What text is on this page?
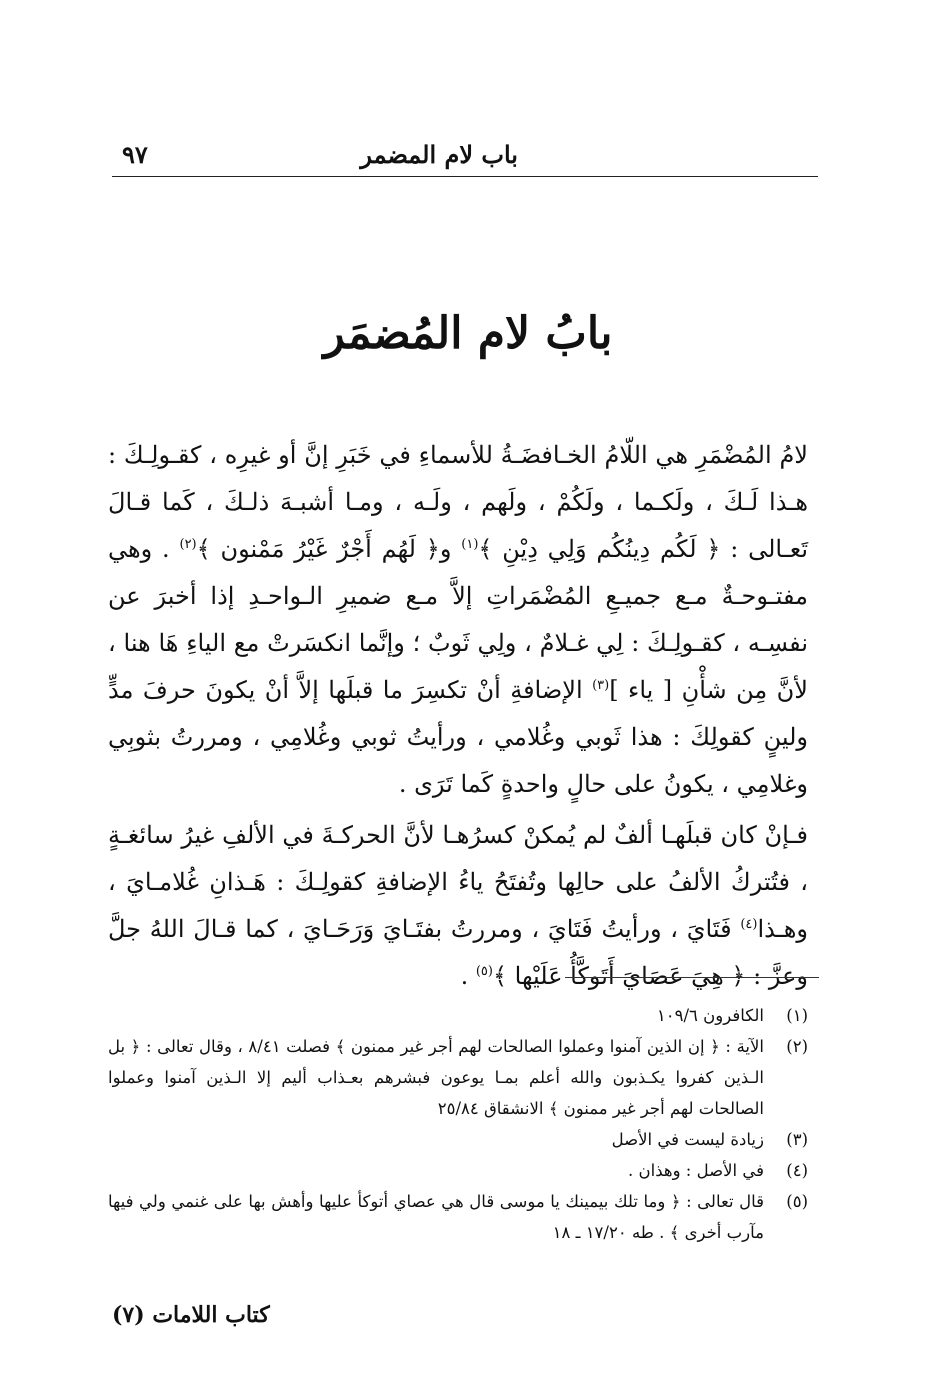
باب لام المضمر
٩٧
بابُ لام المُضمَر

لامُ المُضْمَرِ هي اللّامُ الخـافضَـةُ للأسماءِ في خَبَرِ إنَّ أو غيرِه ، كقـولِـكَ : هـذا لَـكَ ، ولَكـما ، ولَكُمْ ، ولَهم ، ولَـه ، ومـا أشبـهَ ذلـكَ ، كَما قـالَ تَعـالى : ﴿ لَكُم دِينُكُم وَلِي دِيْنِ ﴾$^{(١)}$ و﴿ لَهُم أَجْرٌ غَيْرُ مَمْنون ﴾$^{(٢)}$ . وهي مفتـوحـةٌ مـع جميـعِ المُضْمَراتِ إلاَّ مـع ضميرِ الـواحـدِ إذا أخبرَ عن نفسِـه ، كقـولِـكَ : لِي غـلامٌ ، ولِي ثَوبٌ ؛ وإنَّما انكسَرتْ مع الياءِ هَا هنا ، لأنَّ مِن شأْنِ [ ياء ]$^{(٣)}$ الإضافةِ أنْ تكسِرَ ما قبلَها إلاَّ أنْ يكونَ حرفَ مدٍّ ولينٍ كقولِكَ : هذا ثَوبي وغُلامي ، ورأيتُ ثوبي وغُلامِي ، ومررتُ بثوبِي وغلامِي ، يكونُ على حالٍ واحدةٍ كَما تَرَى .

فـإنْ كان قبلَهـا ألفٌ لم يُمكنْ كسرُهـا لأنَّ الحركـةَ في الألفِ غيرُ سائغـةٍ ، فتُتركُ الألفُ على حالِها وتُفتَحُ ياءُ الإضافةِ كقولِـكَ : هَـذانِ غُلامـايَ ، وهـذا$^{(٤)}$ فَتَايَ ، ورأيتُ فَتَايَ ، ومررتُ بفتَـايَ وَرَحَـايَ ، كما قـالَ اللهُ جلَّ وعزَّ : ﴿ هِيَ عَصَايَ أَتَوكَّأُ عَلَيْها ﴾$^{(٥)}$ .

(١)
الكافرون ١٠٩/٦
(٢)
الآية : ﴿ إن الذين آمنوا وعملوا الصالحات لهم أجر غير ممنون ﴾ فصلت ٨/٤١ ، وقال تعالى : ﴿ بل الـذين كفروا يكـذبون والله أعلم بمـا يوعون فبشرهم بعـذاب أليم إلا الـذين آمنوا وعملوا الصالحات لهم أجر غير ممنون ﴾ الانشقاق ٢٥/٨٤
(٣)
زيادة ليست في الأصل
(٤)
في الأصل : وهذان .
(٥)
قال تعالى : ﴿ وما تلك بيمينك يا موسى قال هي عصاي أتوكأ عليها وأهش بها على غنمي ولي فيها مآرب أخرى ﴾ . طه ١٧/٢٠ ـ ١٨
كتاب اللامات (٧)
